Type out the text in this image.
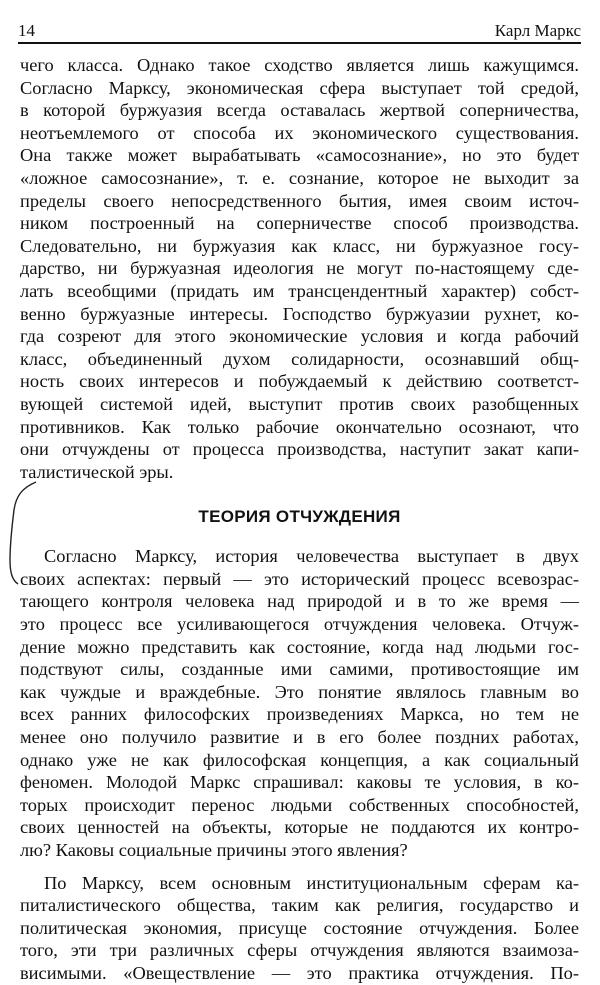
14	Карл Маркс
чего класса. Однако такое сходство является лишь кажущимся.
Согласно Марксу, экономическая сфера выступает той средой,
в которой буржуазия всегда оставалась жертвой соперничества,
неотъемлемого от способа их экономического существования.
Она также может вырабатывать «самосознание», но это будет
«ложное самосознание», т. е. сознание, которое не выходит за
пределы своего непосредственного бытия, имея своим источ-
ником построенный на соперничестве способ производства.
Следовательно, ни буржуазия как класс, ни буржуазное госу-
дарство, ни буржуазная идеология не могут по-настоящему сде-
лать всеобщими (придать им трансцендентный характер) собст-
венно буржуазные интересы. Господство буржуазии рухнет, ко-
гда созреют для этого экономические условия и когда рабочий
класс, объединенный духом солидарности, осознавший общ-
ность своих интересов и побуждаемый к действию соответст-
вующей системой идей, выступит против своих разобщенных
противников. Как только рабочие окончательно осознают, что
они отчуждены от процесса производства, наступит закат капи-
талистической эры.
ТЕОРИЯ ОТЧУЖДЕНИЯ
Согласно Марксу, история человечества выступает в двух
своих аспектах: первый — это исторический процесс всевозрас-
тающего контроля человека над природой и в то же время —
это процесс все усиливающегося отчуждения человека. Отчуж-
дение можно представить как состояние, когда над людьми гос-
подствуют силы, созданные ими самими, противостоящие им
как чуждые и враждебные. Это понятие являлось главным во
всех ранних философских произведениях Маркса, но тем не
менее оно получило развитие и в его более поздних работах,
однако уже не как философская концепция, а как социальный
феномен. Молодой Маркс спрашивал: каковы те условия, в ко-
торых происходит перенос людьми собственных способностей,
своих ценностей на объекты, которые не поддаются их контро-
лю? Каковы социальные причины этого явления?
По Марксу, всем основным институциональным сферам ка-
питалистического общества, таким как религия, государство и
политическая экономия, присуще состояние отчуждения. Более
того, эти три различных сферы отчуждения являются взаимоза-
висимыми. «Овеществление — это практика отчуждения. По-
